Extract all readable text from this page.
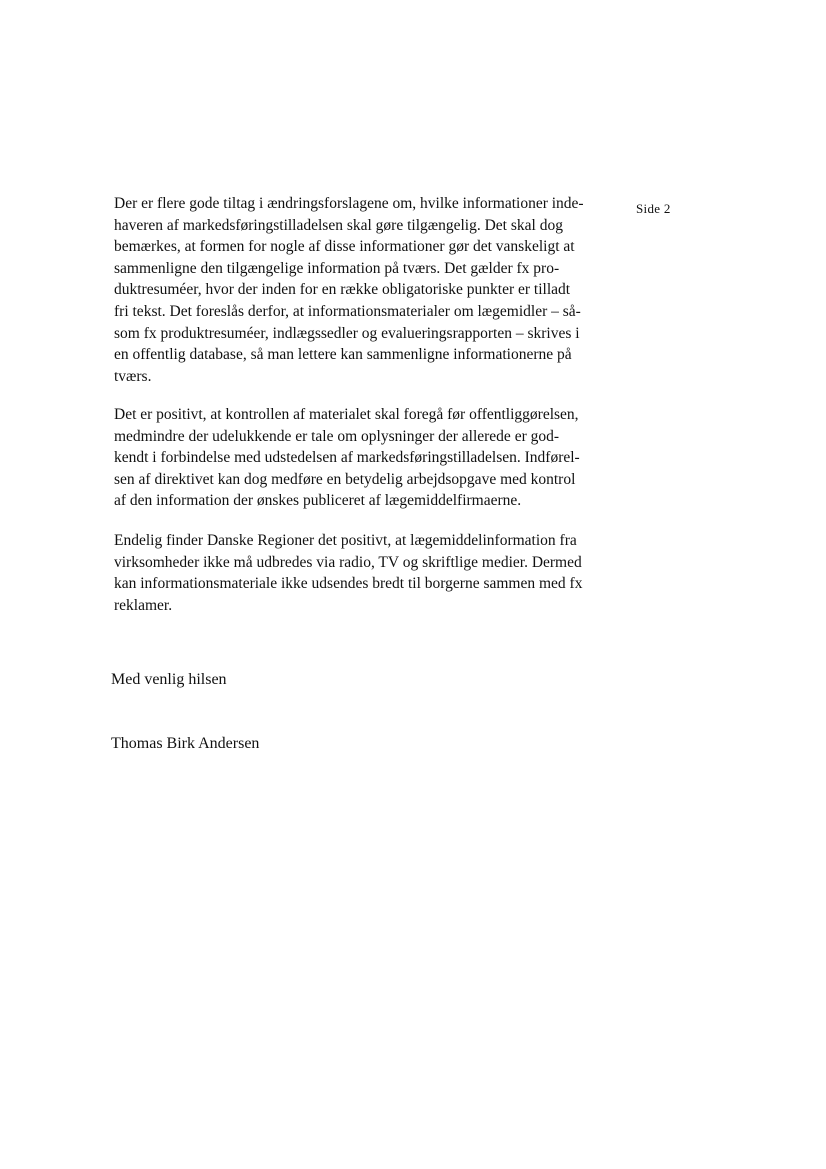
Side 2
Der er flere gode tiltag i ændringsforslagene om, hvilke informationer inde-
haveren af markedsføringstilladelsen skal gøre tilgængelig. Det skal dog
bemærkes, at formen for nogle af disse informationer gør det vanskeligt at
sammenligne den tilgængelige information på tværs. Det gælder fx pro-
duktresuméer, hvor der inden for en række obligatoriske punkter er tilladt
fri tekst. Det foreslås derfor, at informationsmaterialer om lægemidler – så-
som fx produktresuméer, indlægssedler og evalueringsrapporten – skrives i
en offentlig database, så man lettere kan sammenligne informationerne på
tværs.
Det er positivt, at kontrollen af materialet skal foregå før offentliggørelsen,
medmindre der udelukkende er tale om oplysninger der allerede er god-
kendt i forbindelse med udstedelsen af markedsføringstilladelsen. Indførel-
sen af direktivet kan dog medføre en betydelig arbejdsopgave med kontrol
af den information der ønskes publiceret af lægemiddelfirmaerne.
Endelig finder Danske Regioner det positivt, at lægemiddelinformation fra
virksomheder ikke må udbredes via radio, TV og skriftlige medier. Dermed
kan informationsmateriale ikke udsendes bredt til borgerne sammen med fx
reklamer.
Med venlig hilsen
Thomas Birk Andersen
